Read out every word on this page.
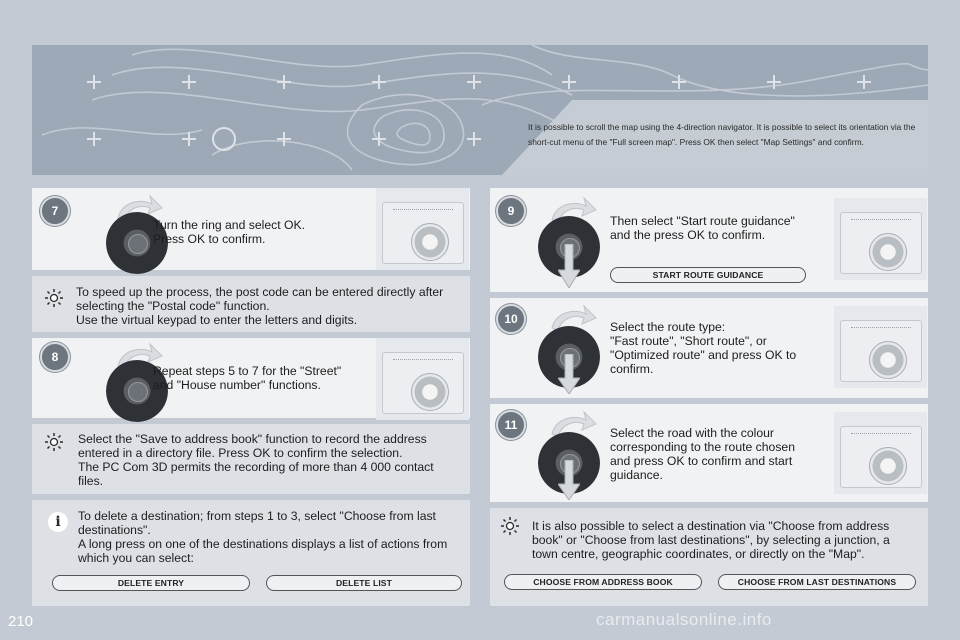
It is possible to scroll the map using the 4-direction navigator. It is possible to select its orientation via the short-cut menu of the "Full screen map". Press OK then select "Map Settings" and confirm.
7
Turn the ring and select OK.
Press OK to confirm.
To speed up the process, the post code can be entered directly after
selecting the "Postal code" function.
Use the virtual keypad to enter the letters and digits.
8
Repeat steps 5 to 7 for the "Street"
and "House number" functions.
Select the "Save to address book" function to record the address
entered in a directory file. Press OK to confirm the selection.
The PC Com 3D permits the recording of more than 4 000 contact
files.
i	To delete a destination; from steps 1 to 3, select "Choose from last
destinations".
A long press on one of the destinations displays a list of actions from
which you can select:
DELETE ENTRY	DELETE LIST
9
Then select "Start route guidance"
and the press OK to confirm.
START ROUTE GUIDANCE
10
Select the route type:
"Fast route", "Short route", or
"Optimized route" and press OK to
confirm.
11
Select the road with the colour
corresponding to the route chosen
and press OK to confirm and start
guidance.
It is also possible to select a destination via "Choose from address
book" or "Choose from last destinations", by selecting a junction, a
town centre, geographic coordinates, or directly on the "Map".
CHOOSE FROM ADDRESS BOOK	CHOOSE FROM LAST DESTINATIONS
210	carmanualsonline.info
